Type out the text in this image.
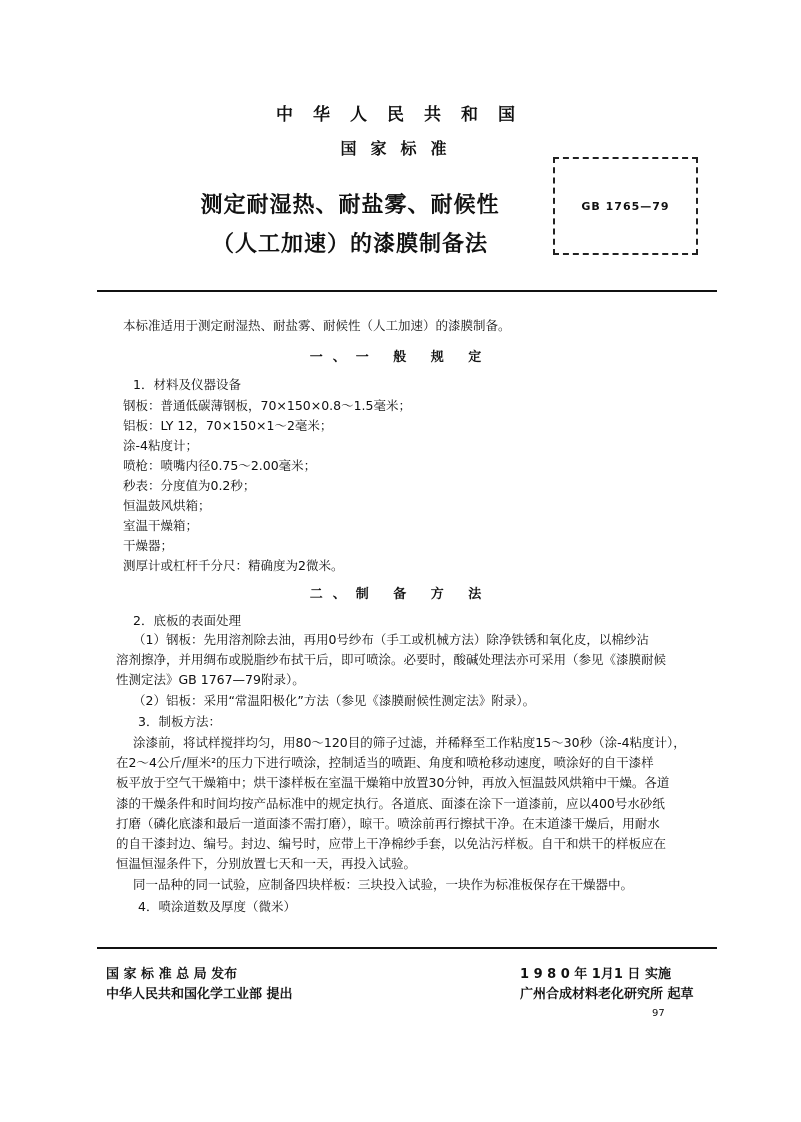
中华人民共和国
国家标准
测定耐湿热、耐盐雾、耐候性
（人工加速）的漆膜制备法
GB 1765—79
本标准适用于测定耐湿热、耐盐雾、耐候性（人工加速）的漆膜制备。
一、一 般 规 定
1．材料及仪器设备
钢板：普通低碳薄钢板，70×150×0.8～1.5毫米；
铝板：LY 12，70×150×1～2毫米；
涂-4粘度计；
喷枪：喷嘴内径0.75～2.00毫米；
秒表：分度值为0.2秒；
恒温鼓风烘箱；
室温干燥箱；
干燥器；
测厚计或杠杆千分尺：精确度为2微米。
二、制 备 方 法
2．底板的表面处理
（1）钢板：先用溶剂除去油，再用0号纱布（手工或机械方法）除净铁锈和氧化皮，以棉纱沾
溶剂擦净，并用绸布或脱脂纱布拭干后，即可喷涂。必要时，酸碱处理法亦可采用（参见《漆膜耐候
性测定法》GB 1767—79附录）。
（2）铝板：采用“常温阳极化”方法（参见《漆膜耐候性测定法》附录）。
3．制板方法：
涂漆前，将试样搅拌均匀，用80～120目的筛子过滤，并稀释至工作粘度15～30秒（涂-4粘度计），
在2～4公斤/厘米²的压力下进行喷涂，控制适当的喷距、角度和喷枪移动速度，喷涂好的自干漆样
板平放于空气干燥箱中；烘干漆样板在室温干燥箱中放置30分钟，再放入恒温鼓风烘箱中干燥。各道
漆的干燥条件和时间均按产品标准中的规定执行。各道底、面漆在涂下一道漆前，应以400号水砂纸
打磨（磷化底漆和最后一道面漆不需打磨），晾干。喷涂前再行擦拭干净。在末道漆干燥后，用耐水
的自干漆封边、编号。封边、编号时，应带上干净棉纱手套，以免沾污样板。自干和烘干的样板应在
恒温恒湿条件下，分别放置七天和一天，再投入试验。
同一品种的同一试验，应制备四块样板：三块投入试验，一块作为标准板保存在干燥器中。
4．喷涂道数及厚度（微米）
国 家 标 准 总 局 发布
中华人民共和国化学工业部 提出
1 9 8 0 年 1月1 日 实施
广州合成材料老化研究所 起草
97
